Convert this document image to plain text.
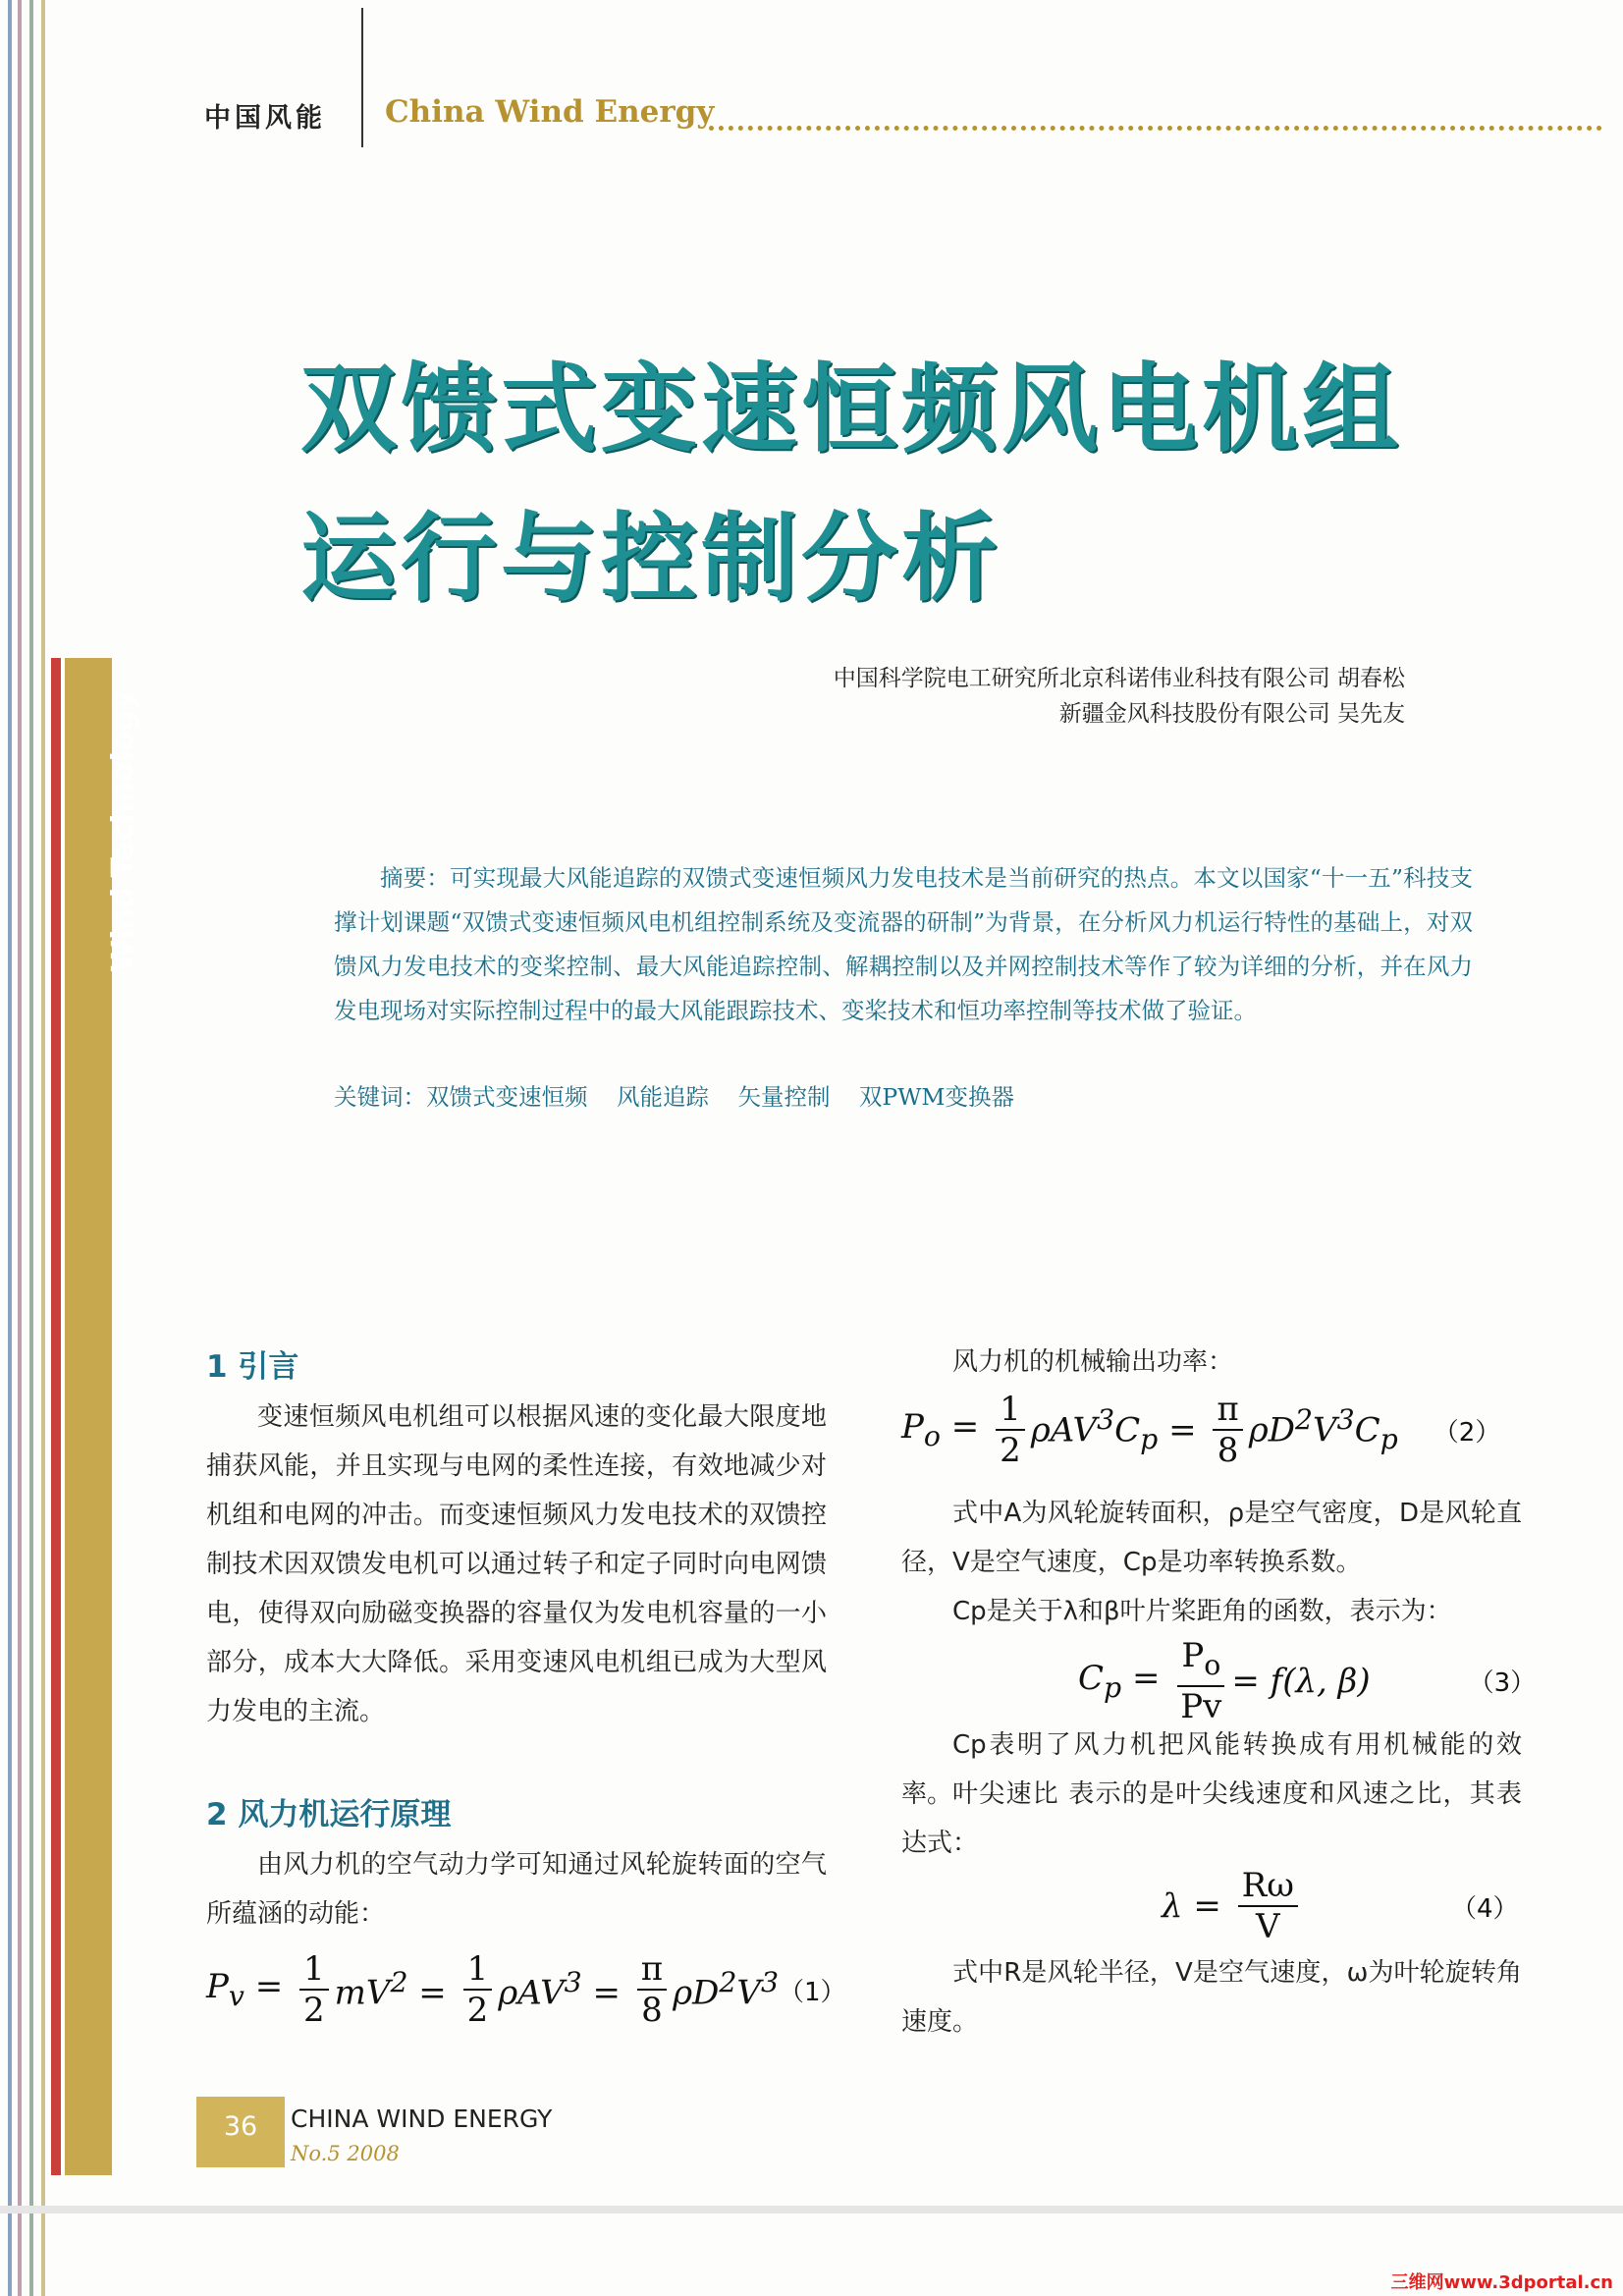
Wind Technology
中国风能 China Wind Energy
双馈式变速恒频风电机组
运行与控制分析
中国科学院电工研究所北京科诺伟业科技有限公司 胡春松
新疆金风科技股份有限公司 吴先友
摘要：可实现最大风能追踪的双馈式变速恒频风力发电技术是当前研究的热点。本文以国家“十一五”科技支撑计划课题“双馈式变速恒频风电机组控制系统及变流器的研制”为背景，在分析风力机运行特性的基础上，对双馈风力发电技术的变桨控制、最大风能追踪控制、解耦控制以及并网控制技术等作了较为详细的分析，并在风力发电现场对实际控制过程中的最大风能跟踪技术、变桨技术和恒功率控制等技术做了验证。
关键词：双馈式变速恒频 风能追踪 矢量控制 双PWM变换器
1 引言
变速恒频风电机组可以根据风速的变化最大限度地捕获风能，并且实现与电网的柔性连接，有效地减少对机组和电网的冲击。而变速恒频风力发电技术的双馈控制技术因双馈发电机可以通过转子和定子同时向电网馈电，使得双向励磁变换器的容量仅为发电机容量的一小部分，成本大大降低。采用变速风电机组已成为大型风力发电的主流。
2 风力机运行原理
由风力机的空气动力学可知通过风轮旋转面的空气所蕴涵的动能：
$P_v = \frac{1}{2} mV^2 = \frac{1}{2} \rho AV^3 = \frac{\pi}{8} \rho D^2V^3$ （1）
风力机的机械输出功率：
$P_o = \frac{1}{2} \rho AV^3C_p = \frac{\pi}{8} \rho D^2V^3C_p$ （2）
式中A为风轮旋转面积，ρ是空气密度，D是风轮直径，V是空气速度，Cp是功率转换系数。
Cp是关于λ和β叶片桨距角的函数，表示为：
$C_p = \frac{P_o}{Pv} = f(\lambda$, β)	（3）
Cp表明了风力机把风能转换成有用机械能的效率。 叶尖速比 表示的是叶尖线速度和风速之比，其表达式：
$\lambda = \frac{R\omega}{V}$	（4）
式中R是风轮半径，V是空气速度，ω为叶轮旋转角速度。
36	CHINA WIND ENERGY
No.5 2008
三维网www.3dportal.cn
